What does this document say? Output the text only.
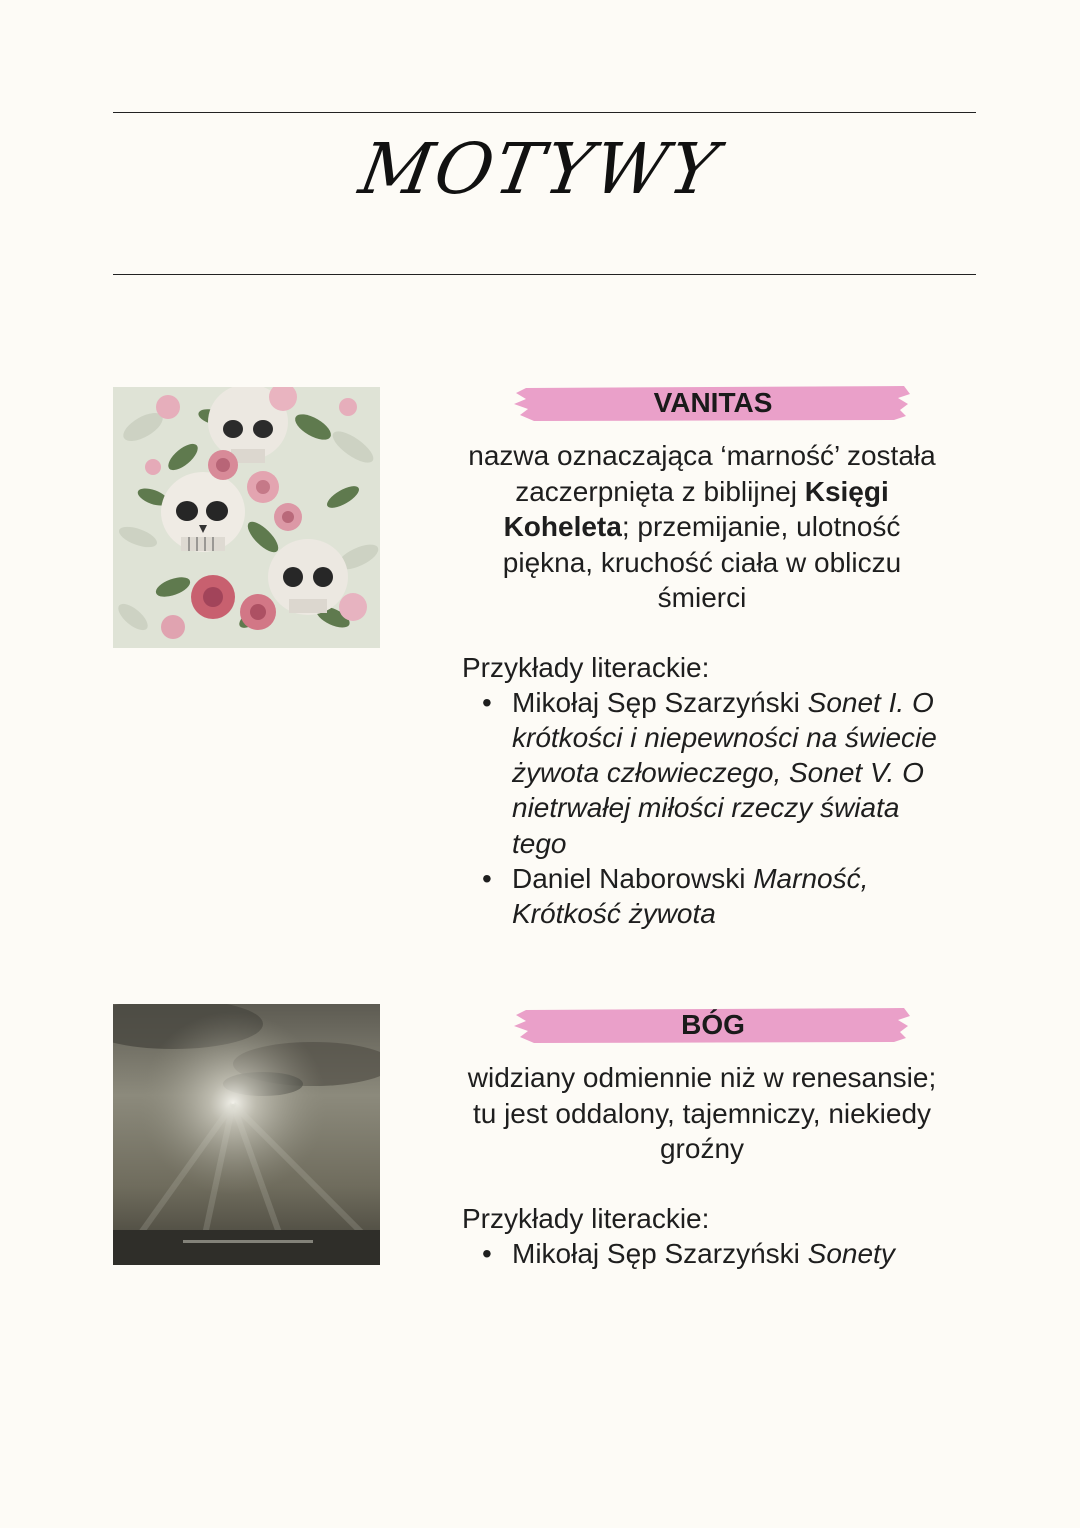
MOTYWY
VANITAS
nazwa oznaczająca ‘marność’ została zaczerpnięta z biblijnej Księgi Koheleta; przemijanie, ulotność piękna, kruchość ciała w obliczu śmierci
Przykłady literackie:
• Mikołaj Sęp Szarzyński Sonet I. O krótkości i niepewności na świecie żywota człowieczego, Sonet V. O nietrwałej miłości rzeczy świata tego
• Daniel Naborowski Marność, Krótkość żywota
BÓG
widziany odmiennie niż w renesansie; tu jest oddalony, tajemniczy, niekiedy groźny
Przykłady literackie:
• Mikołaj Sęp Szarzyński Sonety
